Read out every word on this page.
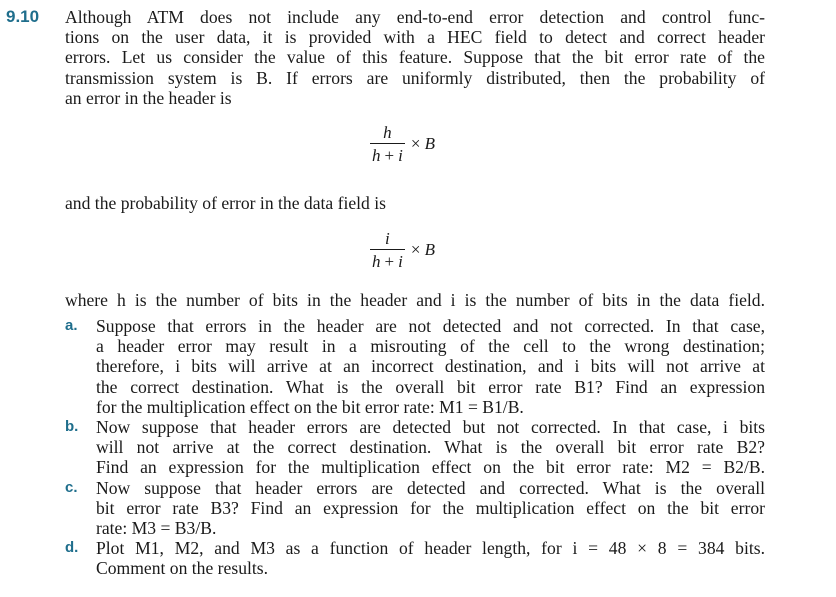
9.10 Although ATM does not include any end-to-end error detection and control func-
tions on the user data, it is provided with a HEC field to detect and correct header
errors. Let us consider the value of this feature. Suppose that the bit error rate of the
transmission system is B. If errors are uniformly distributed, then the probability of
an error in the header is
$\frac{h}{h + i} \times B$
and the probability of error in the data field is
$\frac{i}{h + i} \times B$
where h is the number of bits in the header and i is the number of bits in the data field.
a. Suppose that errors in the header are not detected and not corrected. In that case,
a header error may result in a misrouting of the cell to the wrong destination;
therefore, i bits will arrive at an incorrect destination, and i bits will not arrive at
the correct destination. What is the overall bit error rate B1? Find an expression
for the multiplication effect on the bit error rate: M1 = B1/B.
b. Now suppose that header errors are detected but not corrected. In that case, i bits
will not arrive at the correct destination. What is the overall bit error rate B2?
Find an expression for the multiplication effect on the bit error rate: M2 = B2/B.
c. Now suppose that header errors are detected and corrected. What is the overall
bit error rate B3? Find an expression for the multiplication effect on the bit error
rate: M3 = B3/B.
d. Plot M1, M2, and M3 as a function of header length, for i = 48 × 8 = 384 bits.
Comment on the results.
